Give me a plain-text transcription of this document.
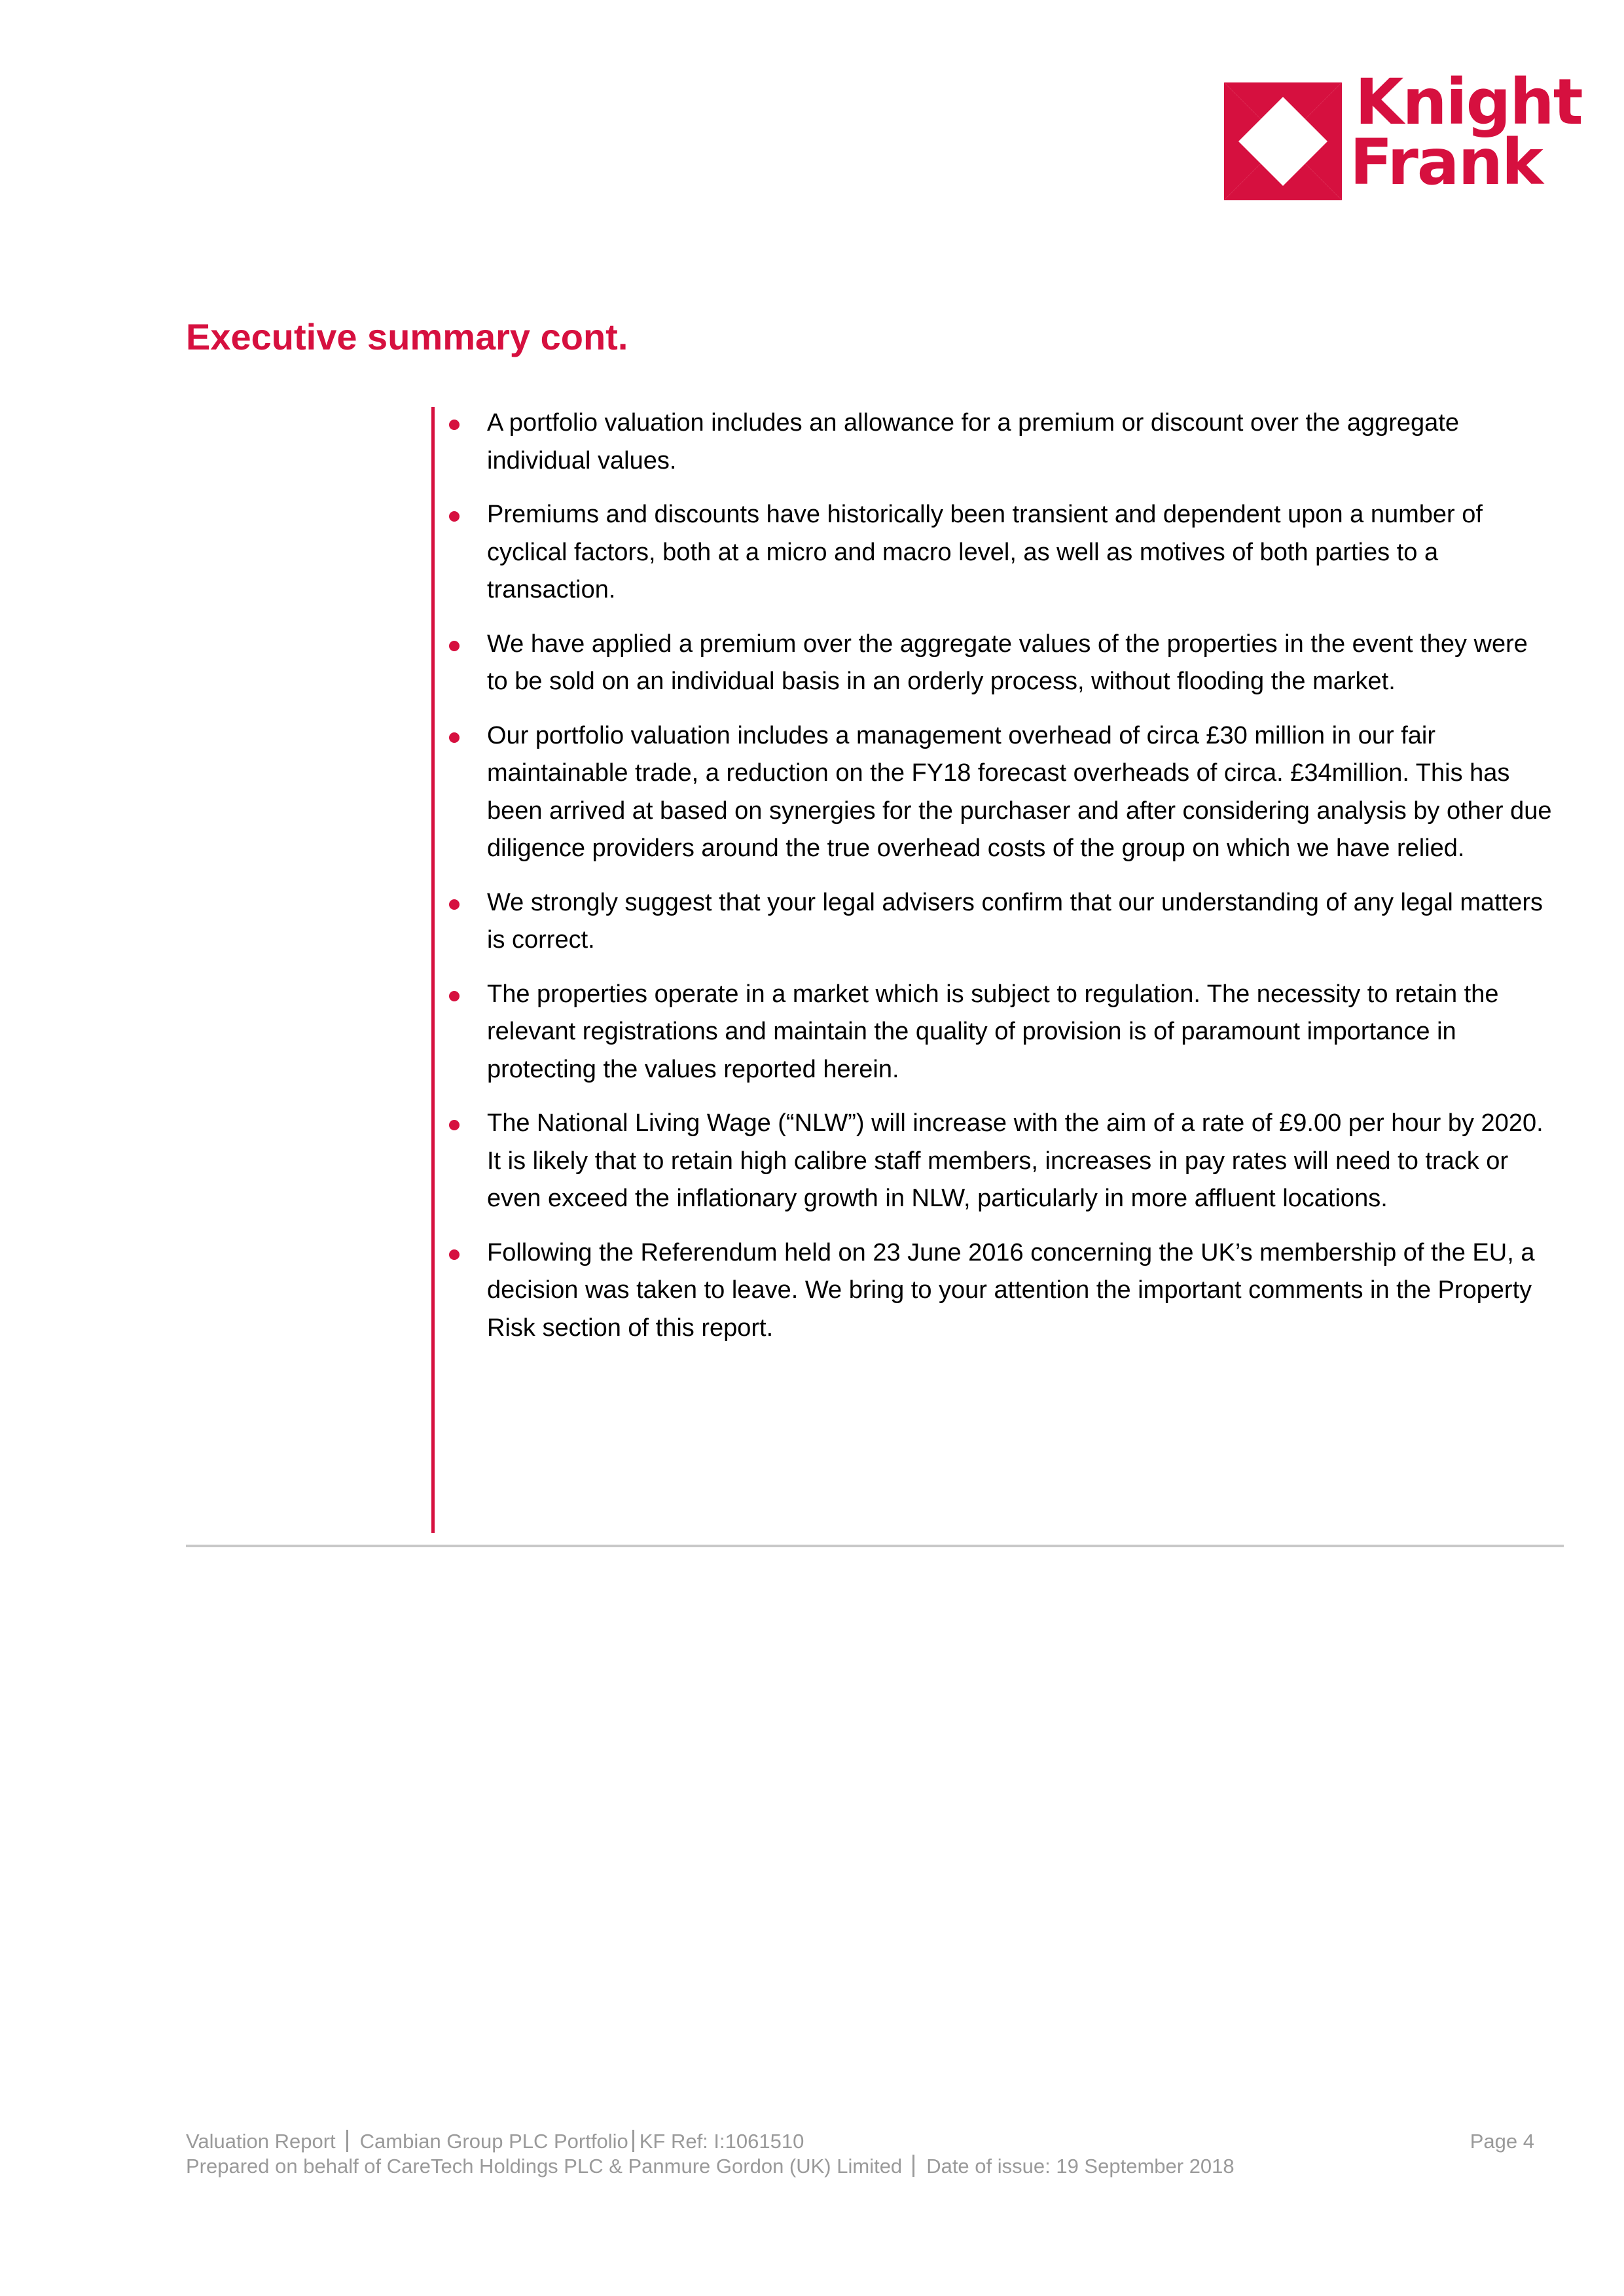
Knight
Frank
Executive summary cont.
A portfolio valuation includes an allowance for a premium or discount over the aggregate individual values.
Premiums and discounts have historically been transient and dependent upon a number of cyclical factors, both at a micro and macro level, as well as motives of both parties to a transaction.
We have applied a premium over the aggregate values of the properties in the event they were to be sold on an individual basis in an orderly process, without flooding the market.
Our portfolio valuation includes a management overhead of circa £30 million in our fair maintainable trade, a reduction on the FY18 forecast overheads of circa. £34million. This has been arrived at based on synergies for the purchaser and after considering analysis by other due diligence providers around the true overhead costs of the group on which we have relied.
We strongly suggest that your legal advisers confirm that our understanding of any legal matters is correct.
The properties operate in a market which is subject to regulation. The necessity to retain the relevant registrations and maintain the quality of provision is of paramount importance in protecting the values reported herein.
The National Living Wage (“NLW”) will increase with the aim of a rate of £9.00 per hour by 2020. It is likely that to retain high calibre staff members, increases in pay rates will need to track or even exceed the inflationary growth in NLW, particularly in more affluent locations.
Following the Referendum held on 23 June 2016 concerning the UK’s membership of the EU, a decision was taken to leave. We bring to your attention the important comments in the Property Risk section of this report.
Valuation Report Cambian Group PLC Portfolio KF Ref: I:1061510
Prepared on behalf of CareTech Holdings PLC & Panmure Gordon (UK) Limited Date of issue: 19 September 2018
Page 4
